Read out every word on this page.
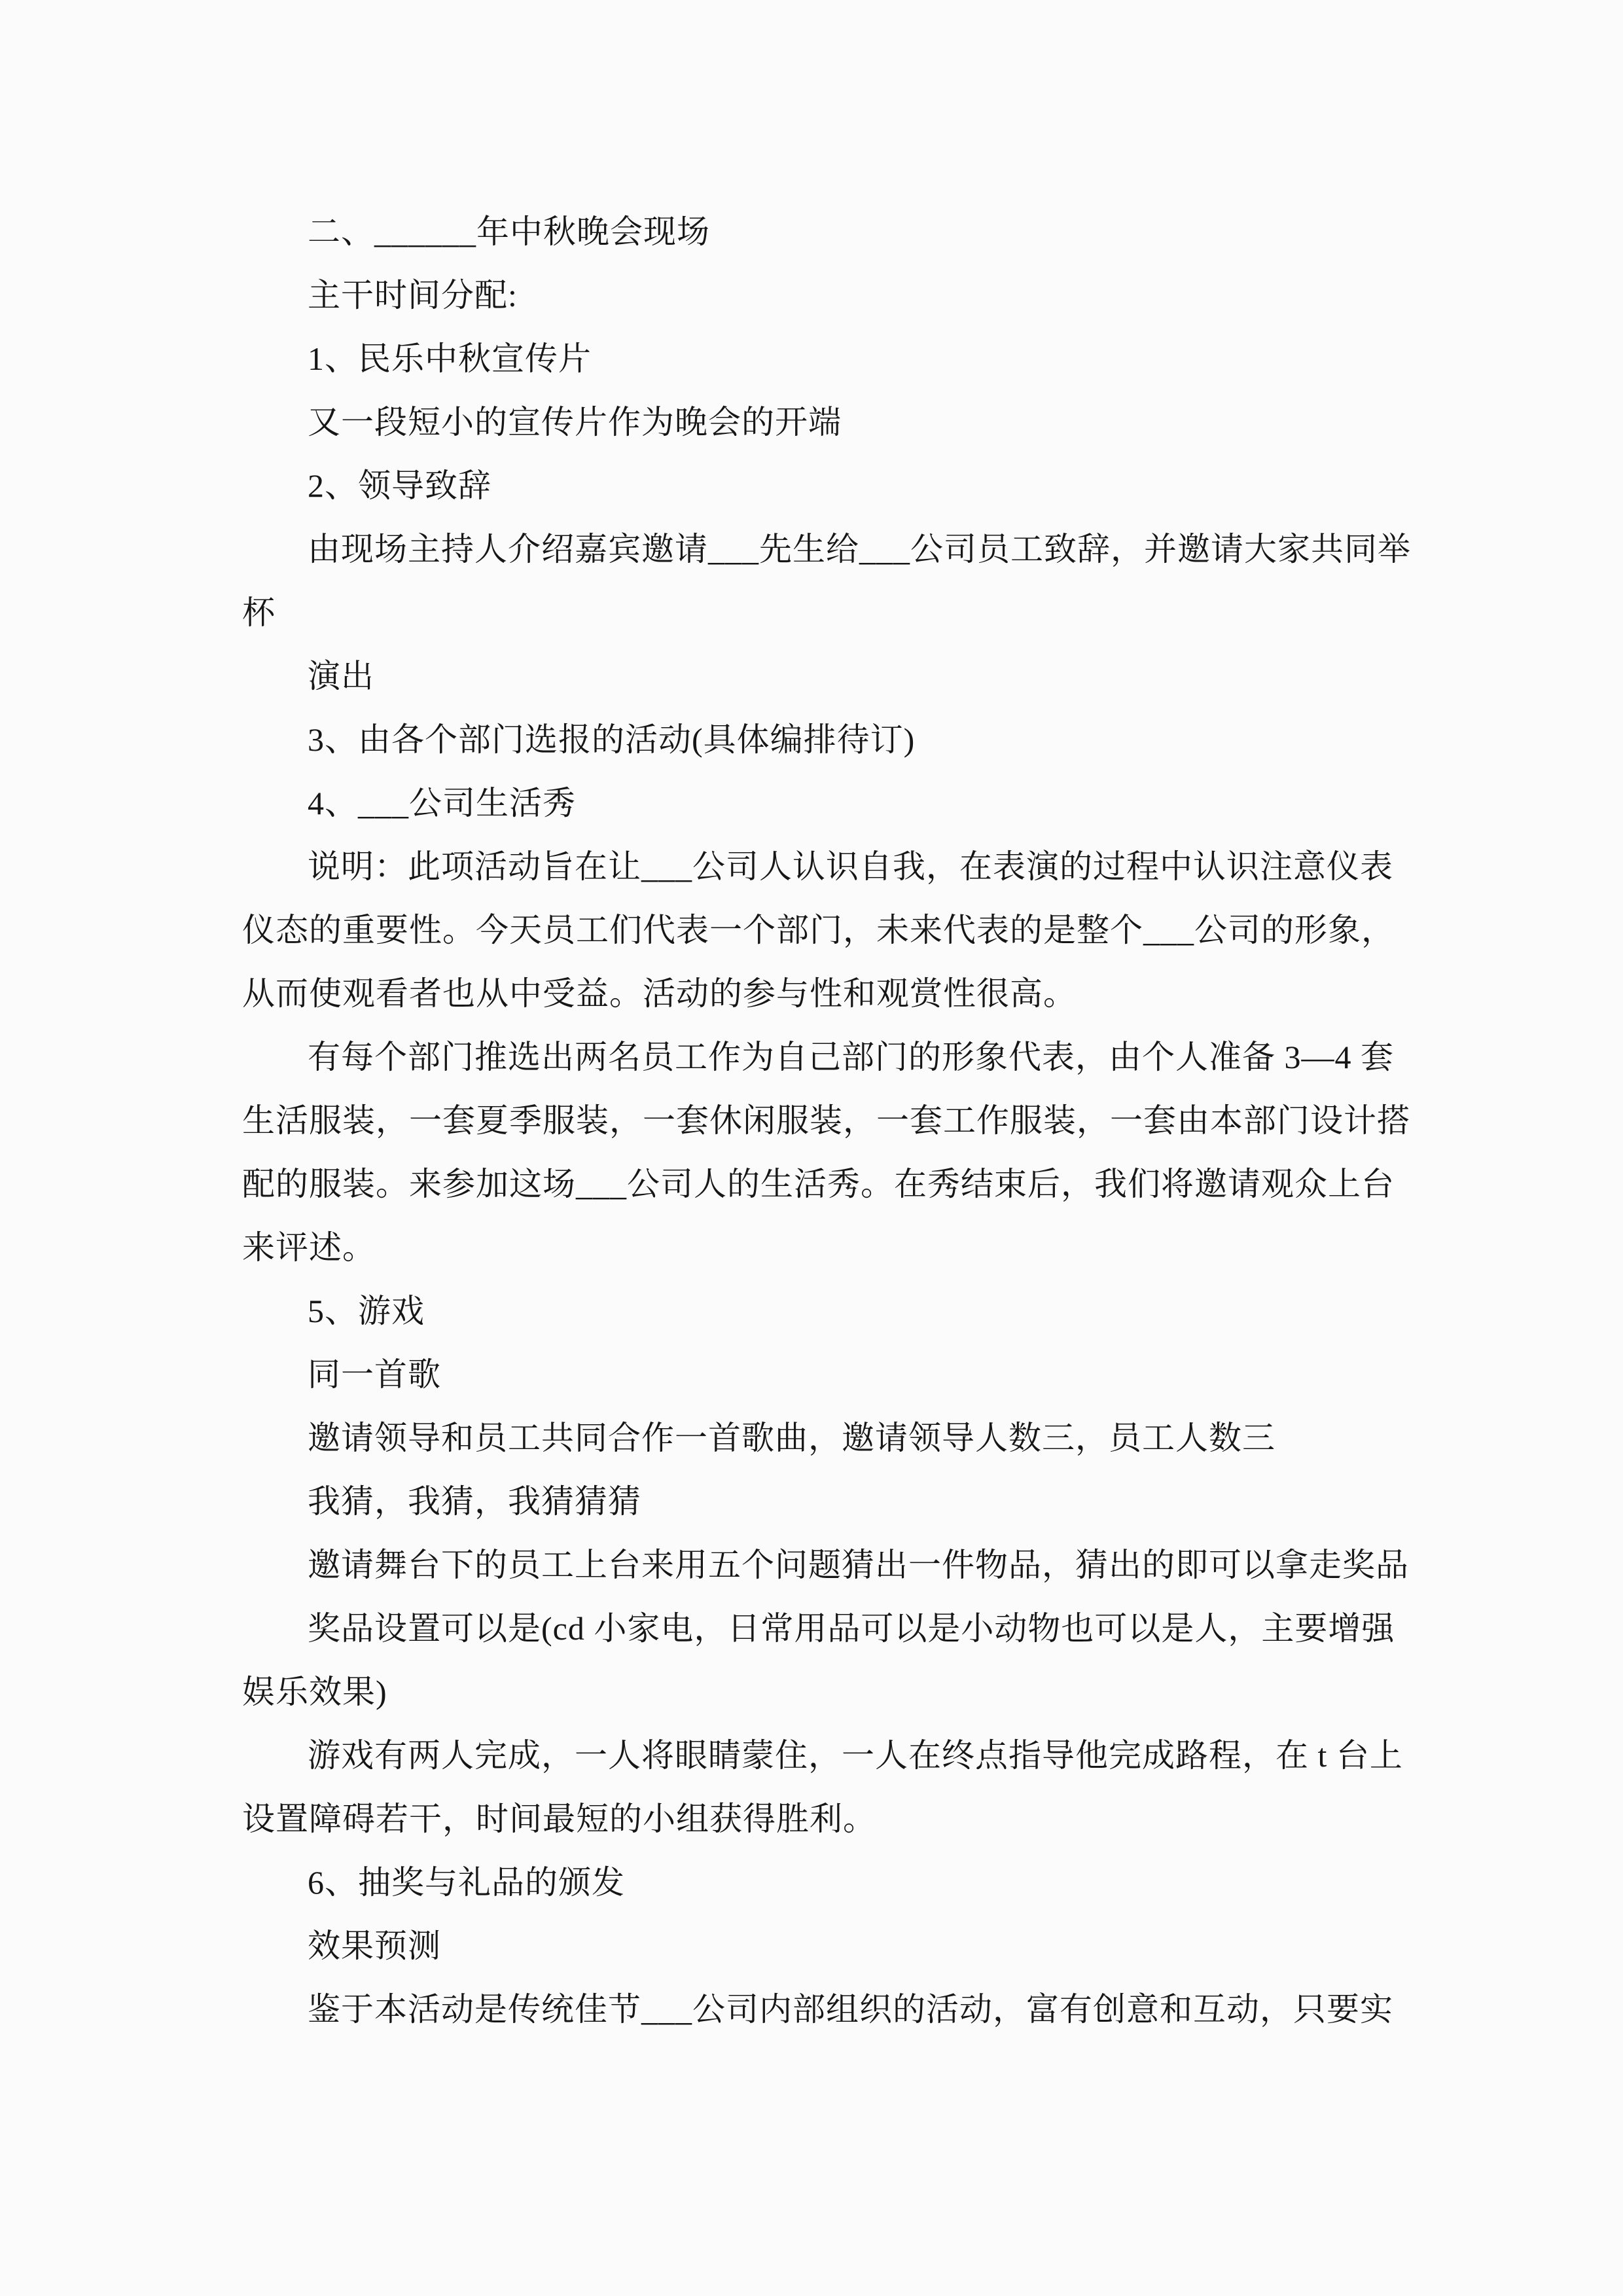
二、______年中秋晚会现场
主干时间分配:
1、民乐中秋宣传片
又一段短小的宣传片作为晚会的开端
2、领导致辞
由现场主持人介绍嘉宾邀请___先生给___公司员工致辞，并邀请大家共同举
杯
演出
3、由各个部门选报的活动(具体编排待订)
4、___公司生活秀
说明：此项活动旨在让___公司人认识自我，在表演的过程中认识注意仪表
仪态的重要性。今天员工们代表一个部门，未来代表的是整个___公司的形象，
从而使观看者也从中受益。活动的参与性和观赏性很高。
有每个部门推选出两名员工作为自己部门的形象代表，由个人准备 3—4 套
生活服装，一套夏季服装，一套休闲服装，一套工作服装，一套由本部门设计搭
配的服装。来参加这场___公司人的生活秀。在秀结束后，我们将邀请观众上台
来评述。
5、游戏
同一首歌
邀请领导和员工共同合作一首歌曲，邀请领导人数三，员工人数三
我猜，我猜，我猜猜猜
邀请舞台下的员工上台来用五个问题猜出一件物品，猜出的即可以拿走奖品
奖品设置可以是(cd 小家电，日常用品可以是小动物也可以是人，主要增强
娱乐效果)
游戏有两人完成，一人将眼睛蒙住，一人在终点指导他完成路程，在 t 台上
设置障碍若干，时间最短的小组获得胜利。
6、抽奖与礼品的颁发
效果预测
鉴于本活动是传统佳节___公司内部组织的活动，富有创意和互动，只要实
